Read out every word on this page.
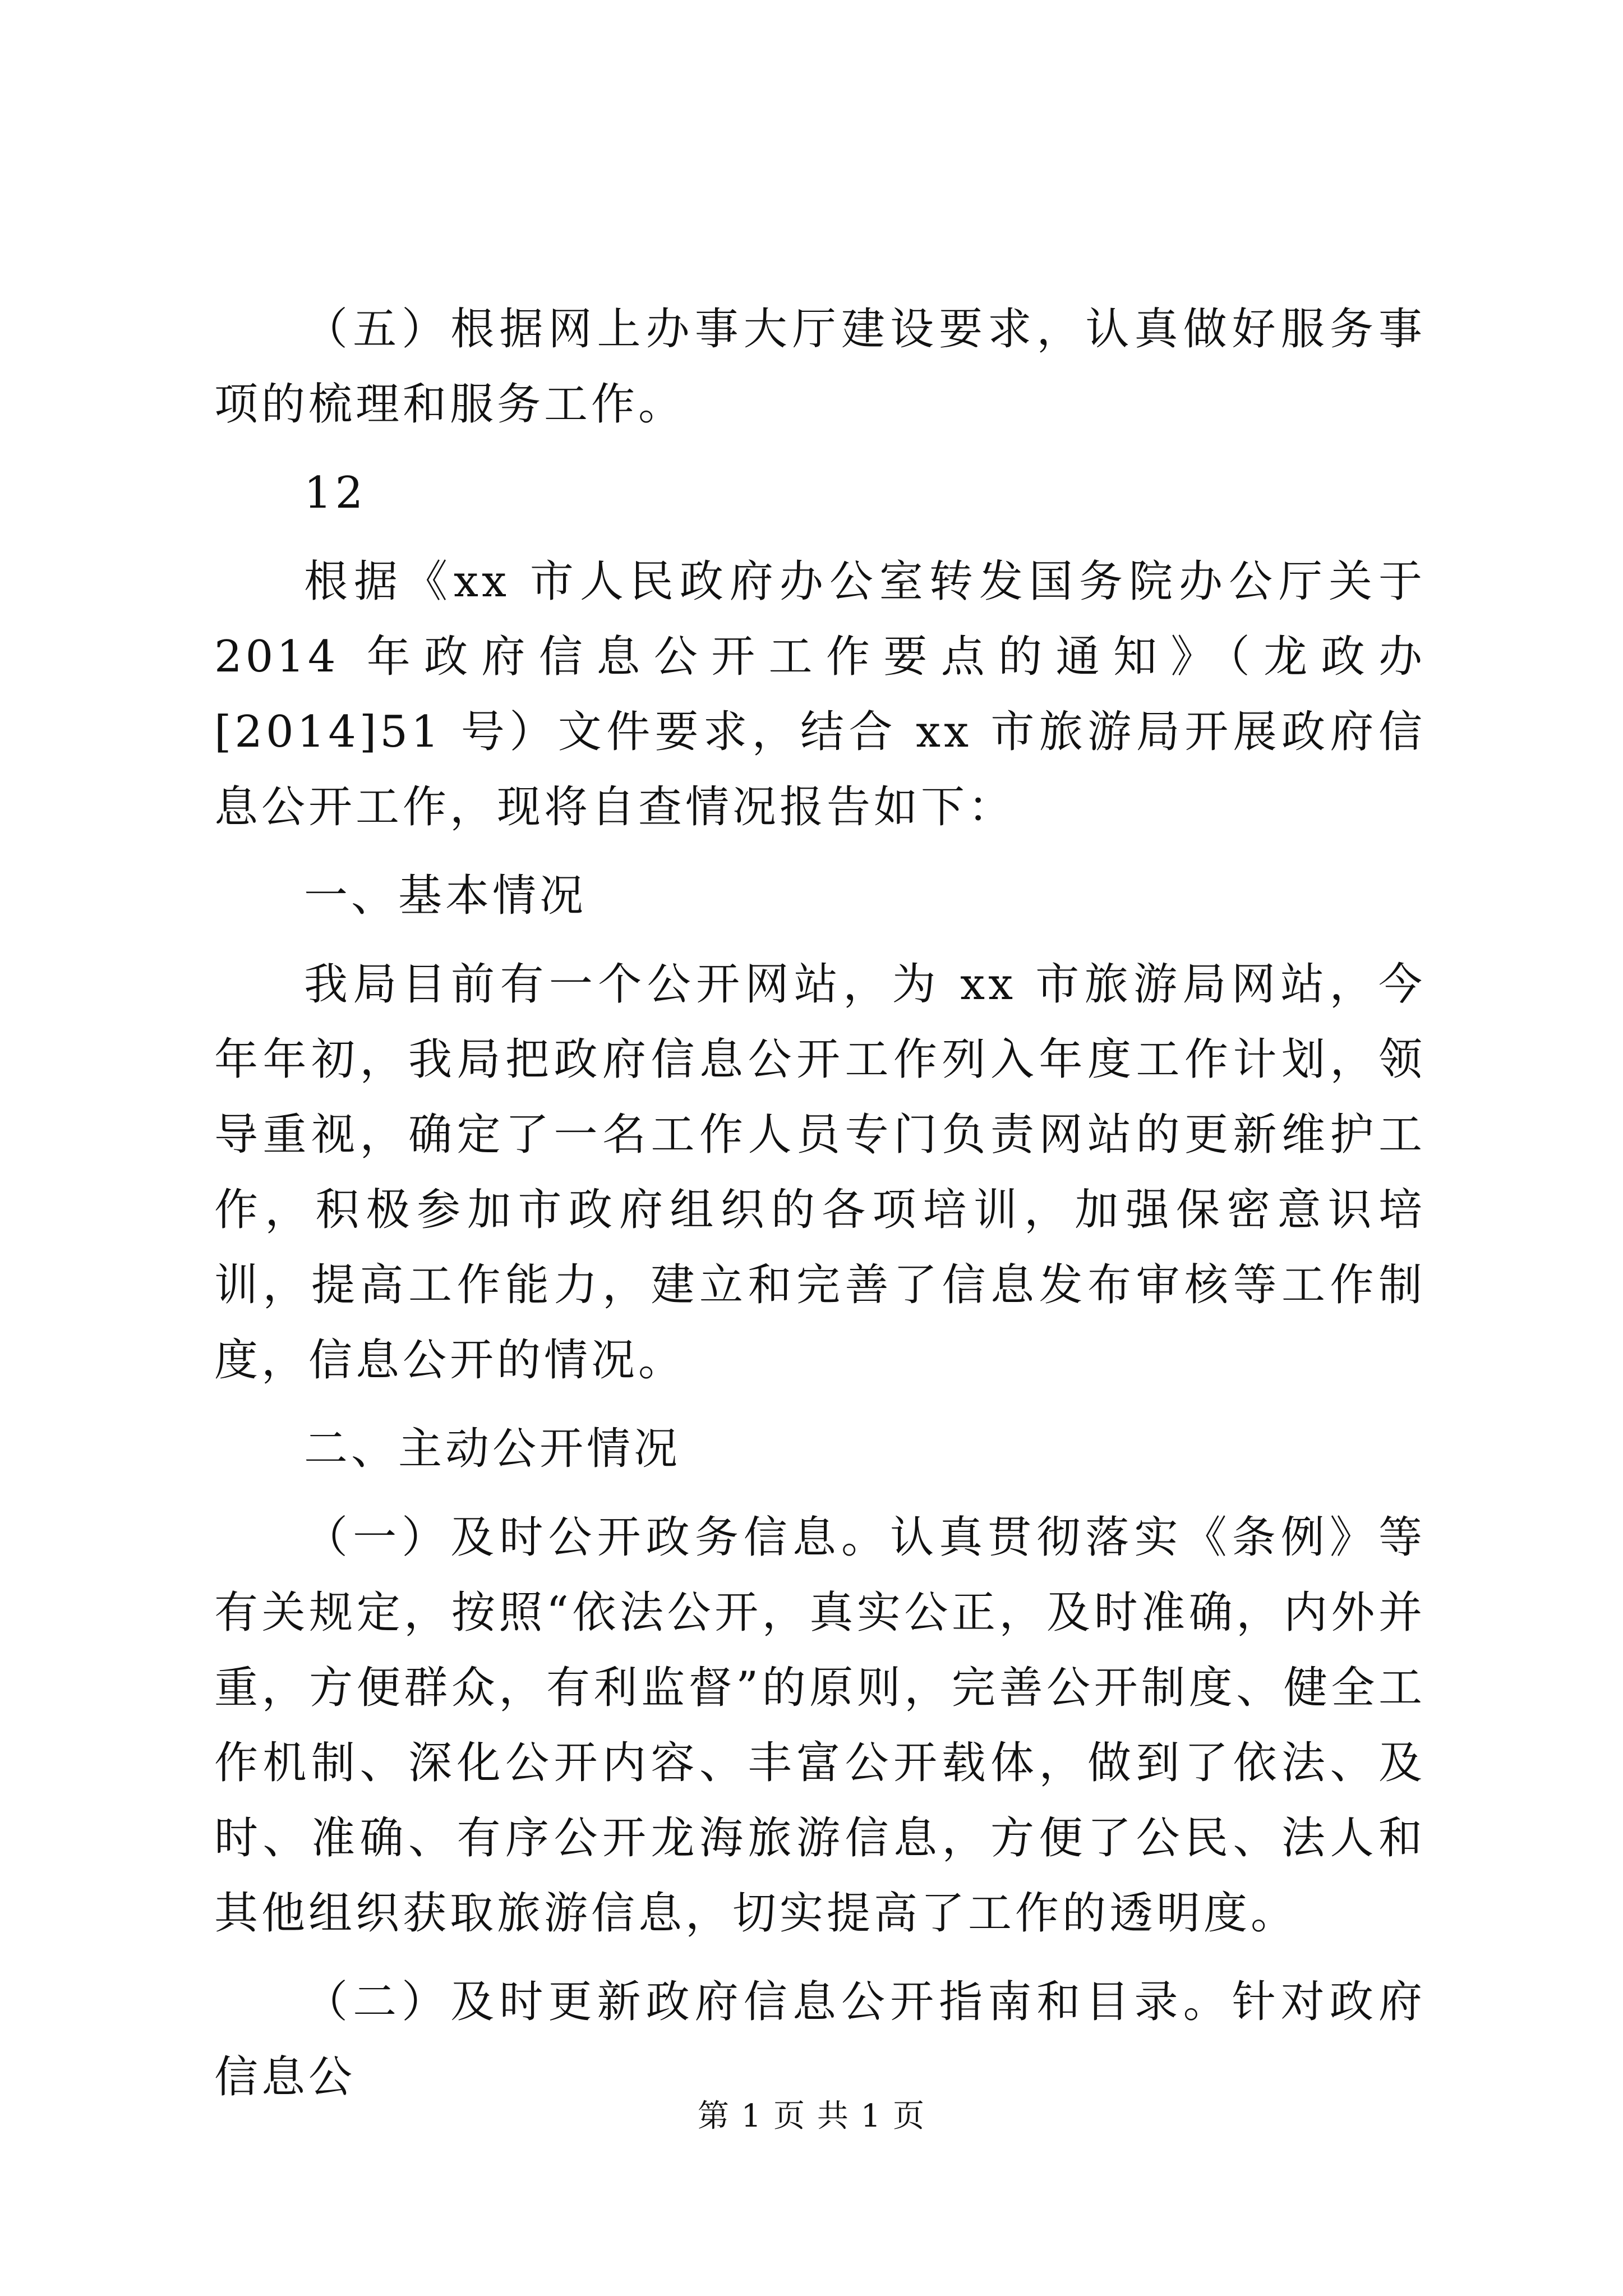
（五）根据网上办事大厅建设要求，认真做好服务事项的梳理和服务工作。

12

根据《xx 市人民政府办公室转发国务院办公厅关于 2014 年政府信息公开工作要点的通知》（龙政办[2014]51 号）文件要求，结合 xx 市旅游局开展政府信息公开工作，现将自查情况报告如下：

一、基本情况

我局目前有一个公开网站，为 xx 市旅游局网站，今年年初，我局把政府信息公开工作列入年度工作计划，领导重视，确定了一名工作人员专门负责网站的更新维护工作，积极参加市政府组织的各项培训，加强保密意识培训，提高工作能力，建立和完善了信息发布审核等工作制度，信息公开的情况。

二、主动公开情况

（一）及时公开政务信息。认真贯彻落实《条例》等有关规定，按照“依法公开，真实公正，及时准确，内外并重，方便群众，有利监督”的原则，完善公开制度、健全工作机制、深化公开内容、丰富公开载体，做到了依法、及时、准确、有序公开龙海旅游信息，方便了公民、法人和其他组织获取旅游信息，切实提高了工作的透明度。

（二）及时更新政府信息公开指南和目录。针对政府信息公

第 1 页 共 1 页
